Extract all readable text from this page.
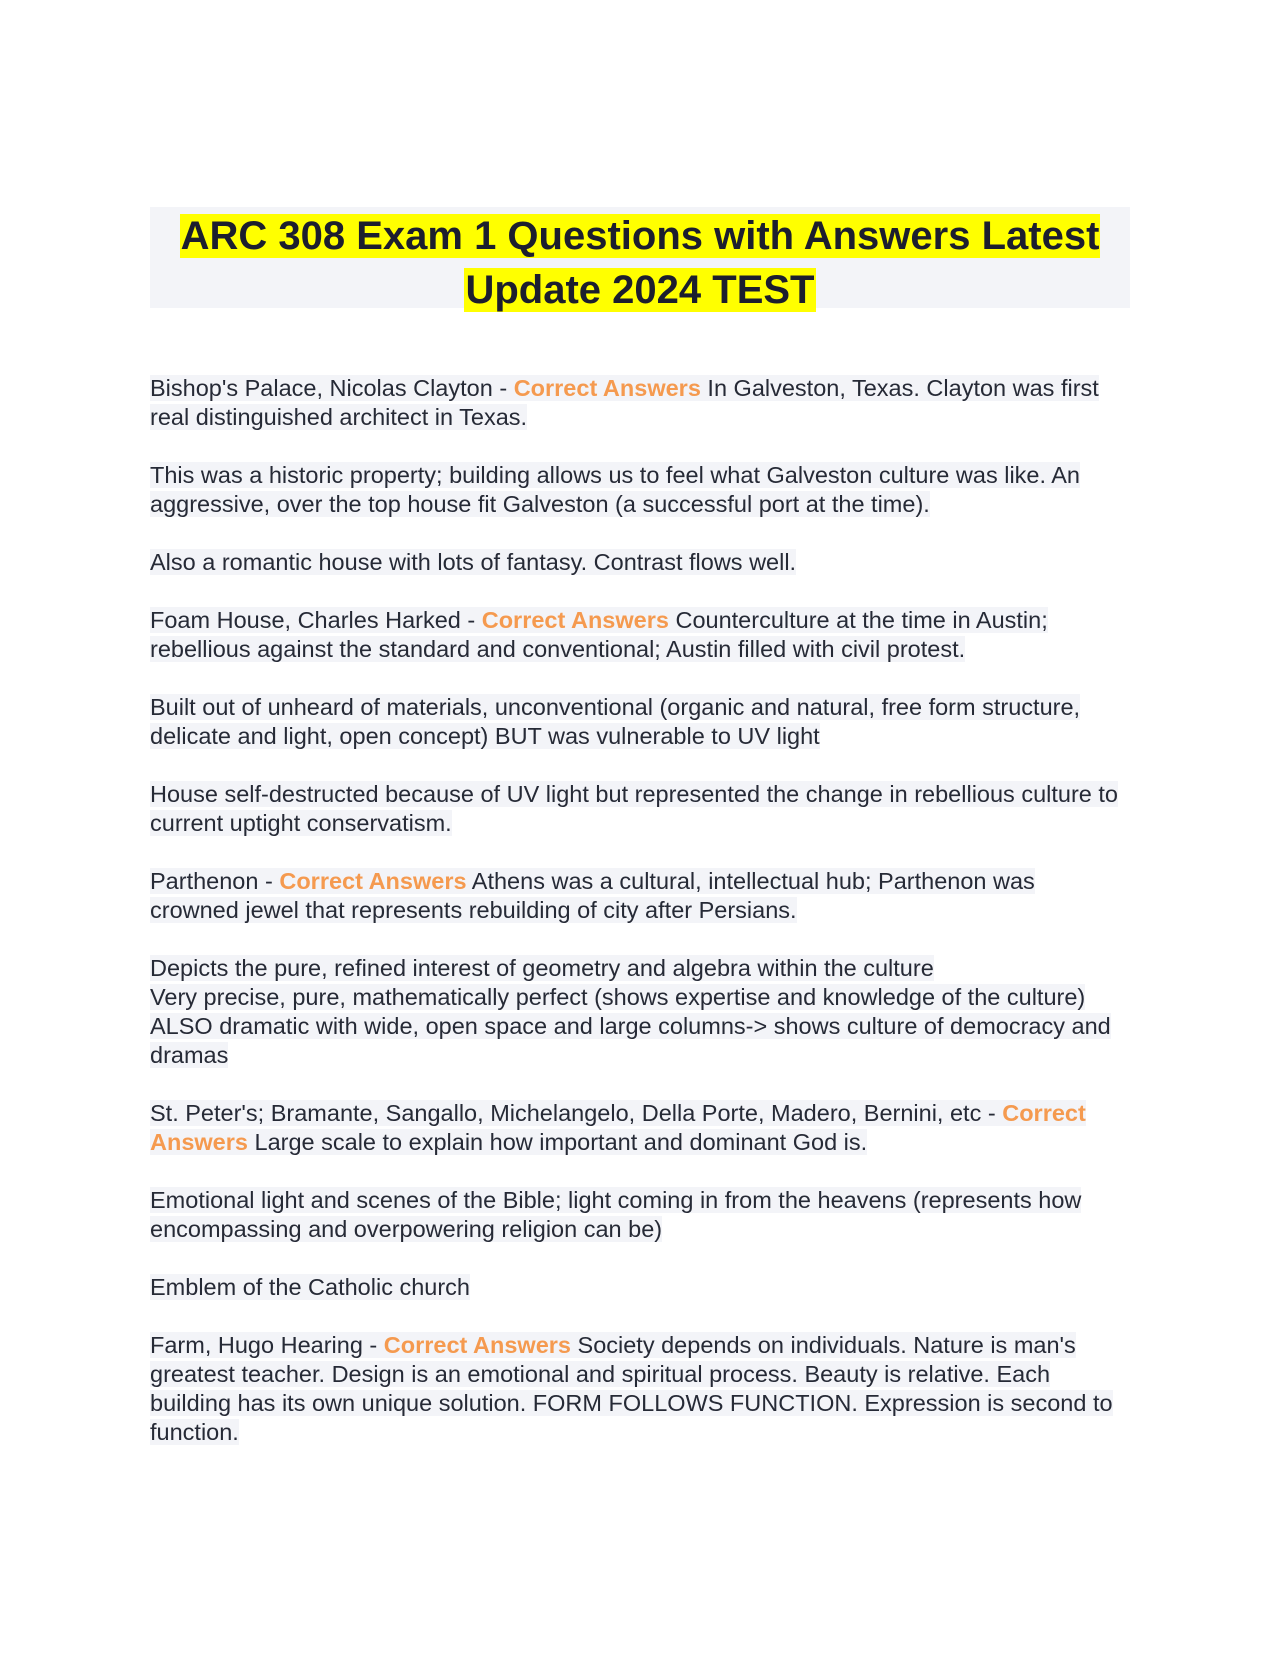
ARC 308 Exam 1 Questions with Answers Latest
Update 2024 TEST

Bishop's Palace, Nicolas Clayton - Correct Answers In Galveston, Texas. Clayton was first real distinguished architect in Texas.

This was a historic property; building allows us to feel what Galveston culture was like. An aggressive, over the top house fit Galveston (a successful port at the time).

Also a romantic house with lots of fantasy. Contrast flows well.

Foam House, Charles Harked - Correct Answers Counterculture at the time in Austin; rebellious against the standard and conventional; Austin filled with civil protest.

Built out of unheard of materials, unconventional (organic and natural, free form structure, delicate and light, open concept) BUT was vulnerable to UV light

House self-destructed because of UV light but represented the change in rebellious culture to current uptight conservatism.

Parthenon - Correct Answers Athens was a cultural, intellectual hub; Parthenon was crowned jewel that represents rebuilding of city after Persians.

Depicts the pure, refined interest of geometry and algebra within the culture
Very precise, pure, mathematically perfect (shows expertise and knowledge of the culture)
ALSO dramatic with wide, open space and large columns-> shows culture of democracy and dramas

St. Peter's; Bramante, Sangallo, Michelangelo, Della Porte, Madero, Bernini, etc - Correct Answers Large scale to explain how important and dominant God is.

Emotional light and scenes of the Bible; light coming in from the heavens (represents how encompassing and overpowering religion can be)

Emblem of the Catholic church

Farm, Hugo Hearing - Correct Answers Society depends on individuals. Nature is man's greatest teacher. Design is an emotional and spiritual process. Beauty is relative. Each building has its own unique solution. FORM FOLLOWS FUNCTION. Expression is second to function.
